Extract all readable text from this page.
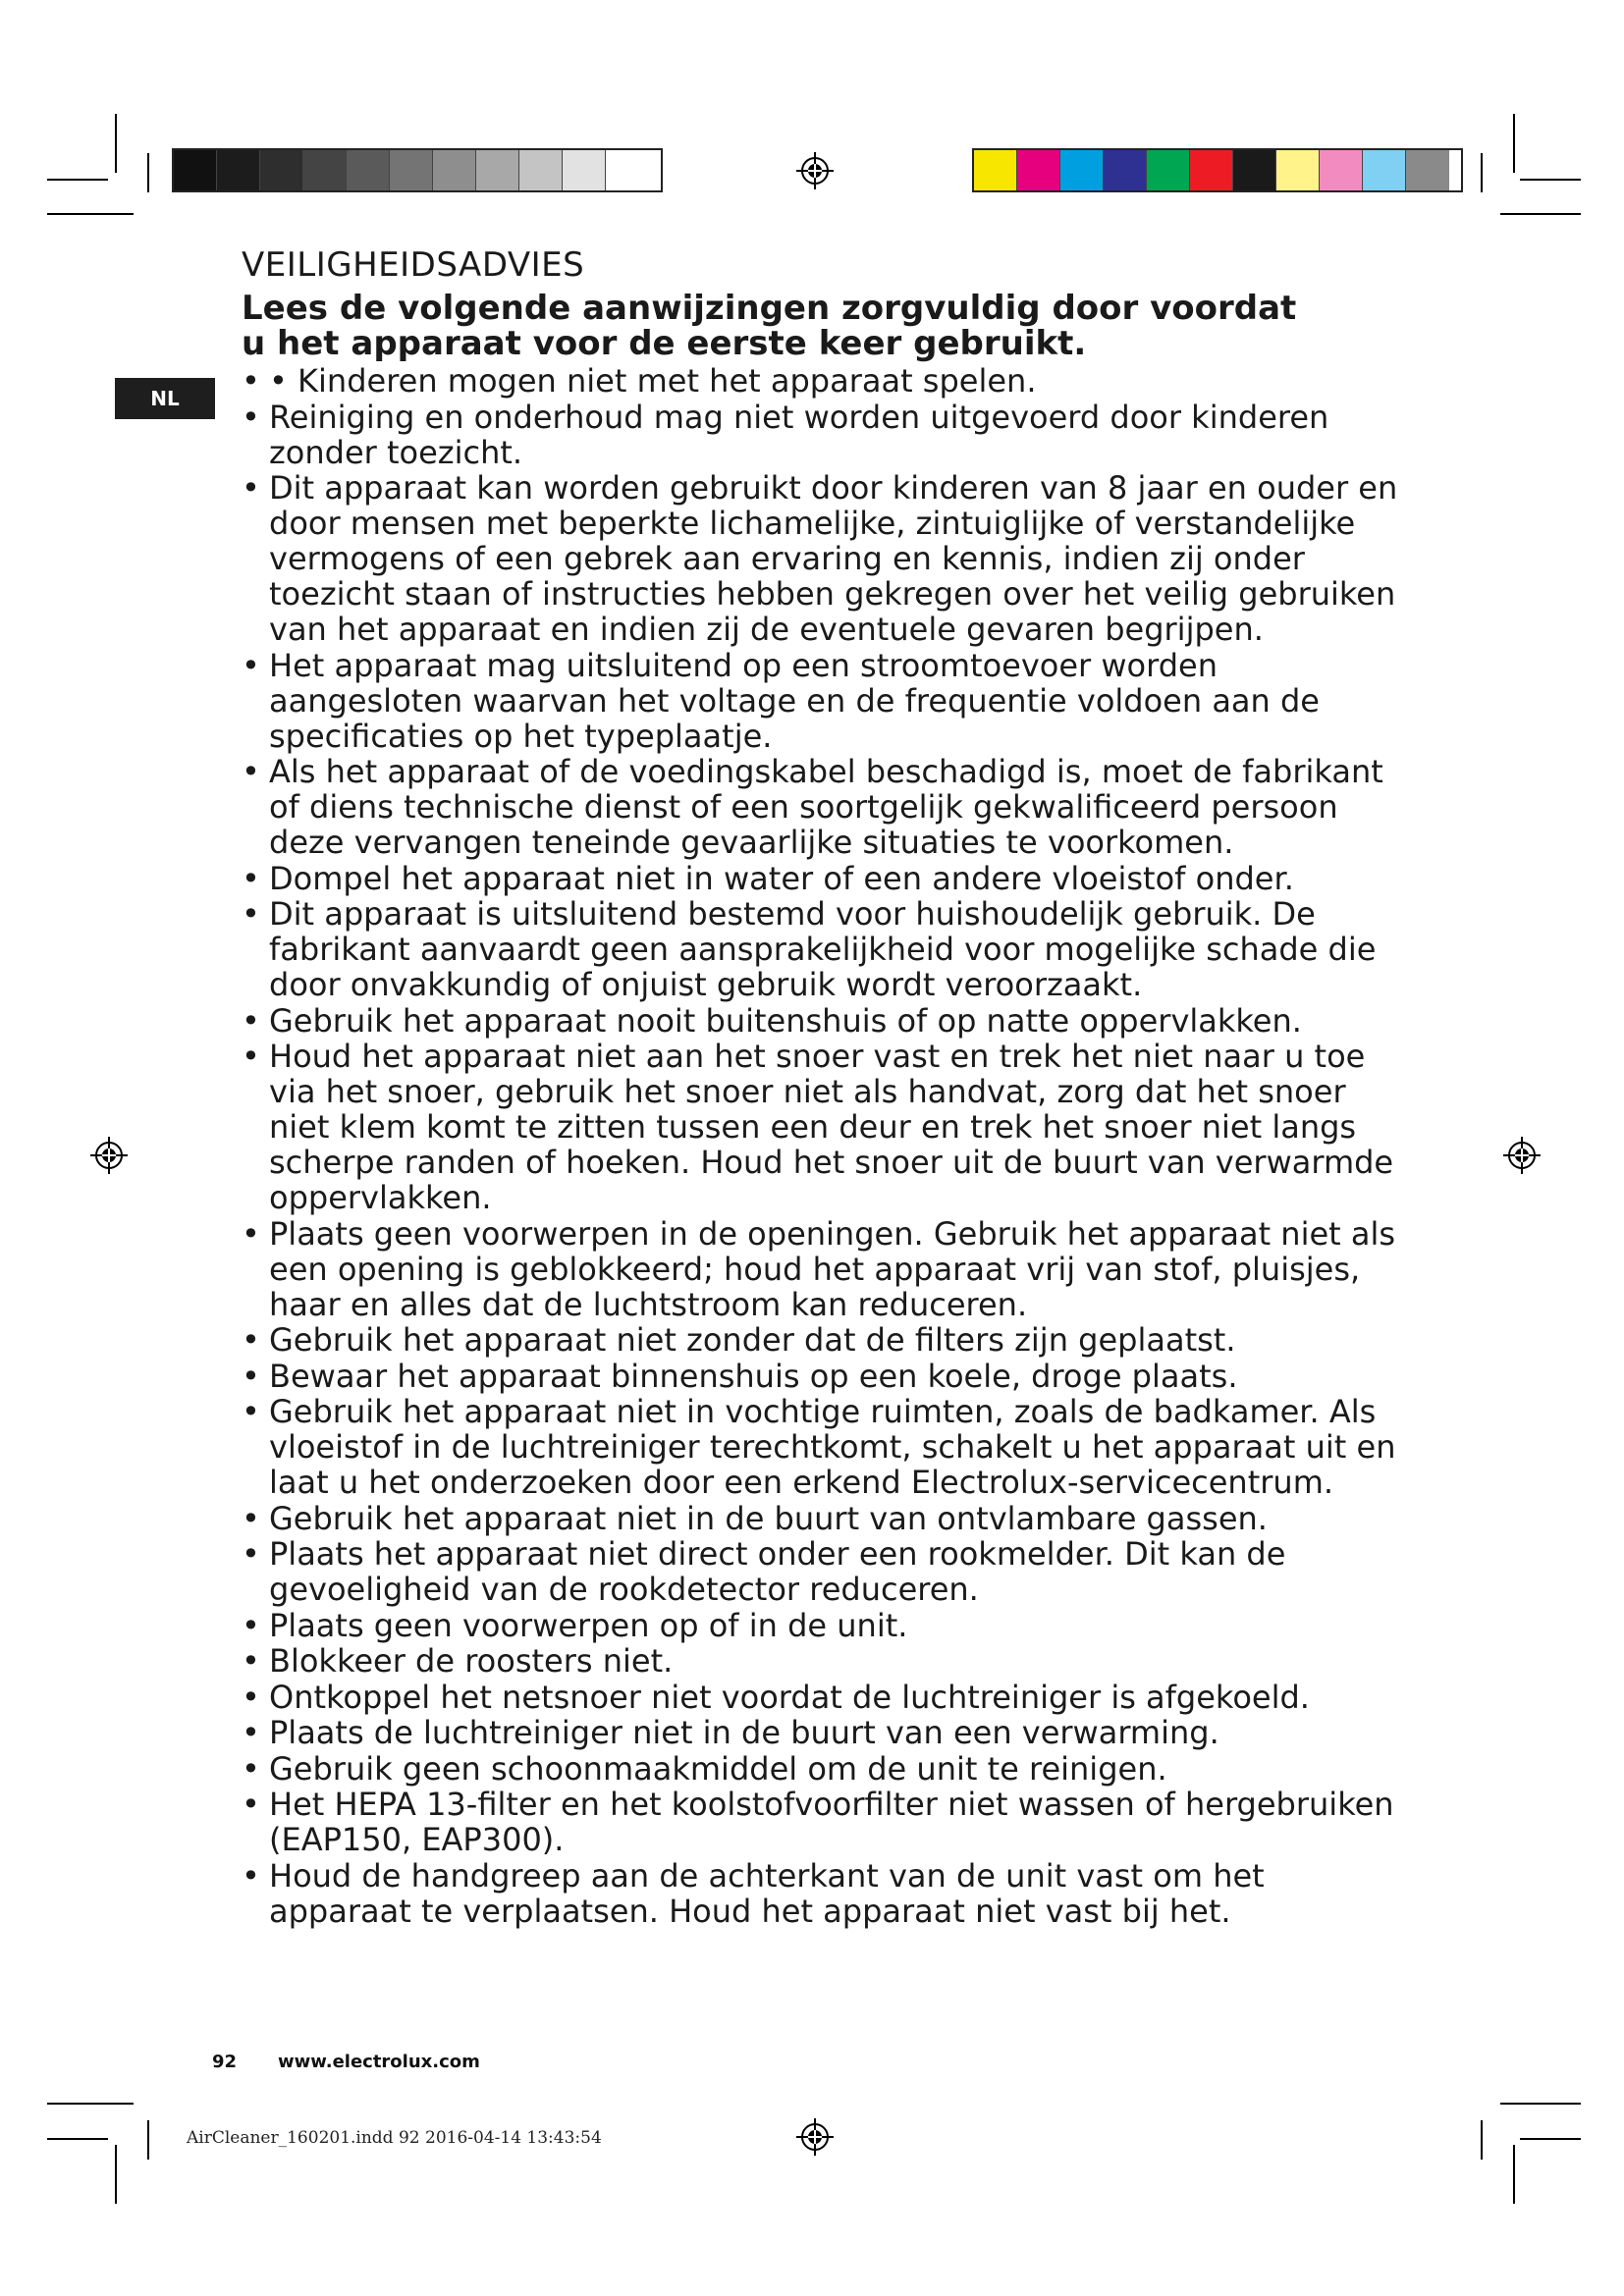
VEILIGHEIDSADVIES

Lees de volgende aanwijzingen zorgvuldig door voordat u het apparaat voor de eerste keer gebruikt.

NL	• • Kinderen mogen niet met het apparaat spelen.
• Reiniging en onderhoud mag niet worden uitgevoerd door kinderen zonder toezicht.
• Dit apparaat kan worden gebruikt door kinderen van 8 jaar en ouder en door mensen met beperkte lichamelijke, zintuiglijke of verstandelijke vermogens of een gebrek aan ervaring en kennis, indien zij onder toezicht staan of instructies hebben gekregen over het veilig gebruiken van het apparaat en indien zij de eventuele gevaren begrijpen.
• Het apparaat mag uitsluitend op een stroomtoevoer worden aangesloten waarvan het voltage en de frequentie voldoen aan de specificaties op het typeplaatje.
• Als het apparaat of de voedingskabel beschadigd is, moet de fabrikant of diens technische dienst of een soortgelijk gekwalificeerd persoon deze vervangen teneinde gevaarlijke situaties te voorkomen.
• Dompel het apparaat niet in water of een andere vloeistof onder.
• Dit apparaat is uitsluitend bestemd voor huishoudelijk gebruik. De fabrikant aanvaardt geen aansprakelijkheid voor mogelijke schade die door onvakkundig of onjuist gebruik wordt veroorzaakt.
• Gebruik het apparaat nooit buitenshuis of op natte oppervlakken.
• Houd het apparaat niet aan het snoer vast en trek het niet naar u toe via het snoer, gebruik het snoer niet als handvat, zorg dat het snoer niet klem komt te zitten tussen een deur en trek het snoer niet langs scherpe randen of hoeken. Houd het snoer uit de buurt van verwarmde oppervlakken.
• Plaats geen voorwerpen in de openingen. Gebruik het apparaat niet als een opening is geblokkeerd; houd het apparaat vrij van stof, pluisjes, haar en alles dat de luchtstroom kan reduceren.
• Gebruik het apparaat niet zonder dat de filters zijn geplaatst.
• Bewaar het apparaat binnenshuis op een koele, droge plaats.
• Gebruik het apparaat niet in vochtige ruimten, zoals de badkamer. Als vloeistof in de luchtreiniger terechtkomt, schakelt u het apparaat uit en laat u het onderzoeken door een erkend Electrolux-servicecentrum.
• Gebruik het apparaat niet in de buurt van ontvlambare gassen.
• Plaats het apparaat niet direct onder een rookmelder. Dit kan de gevoeligheid van de rookdetector reduceren.
• Plaats geen voorwerpen op of in de unit.
• Blokkeer de roosters niet.
• Ontkoppel het netsnoer niet voordat de luchtreiniger is afgekoeld.
• Plaats de luchtreiniger niet in de buurt van een verwarming.
• Gebruik geen schoonmaakmiddel om de unit te reinigen.
• Het HEPA 13-filter en het koolstofvoorfilter niet wassen of hergebruiken (EAP150, EAP300).
• Houd de handgreep aan de achterkant van de unit vast om het apparaat te verplaatsen. Houd het apparaat niet vast bij het.
92 www.electrolux.com
AirCleaner_160201.indd 92 2016-04-14 13:43:54
